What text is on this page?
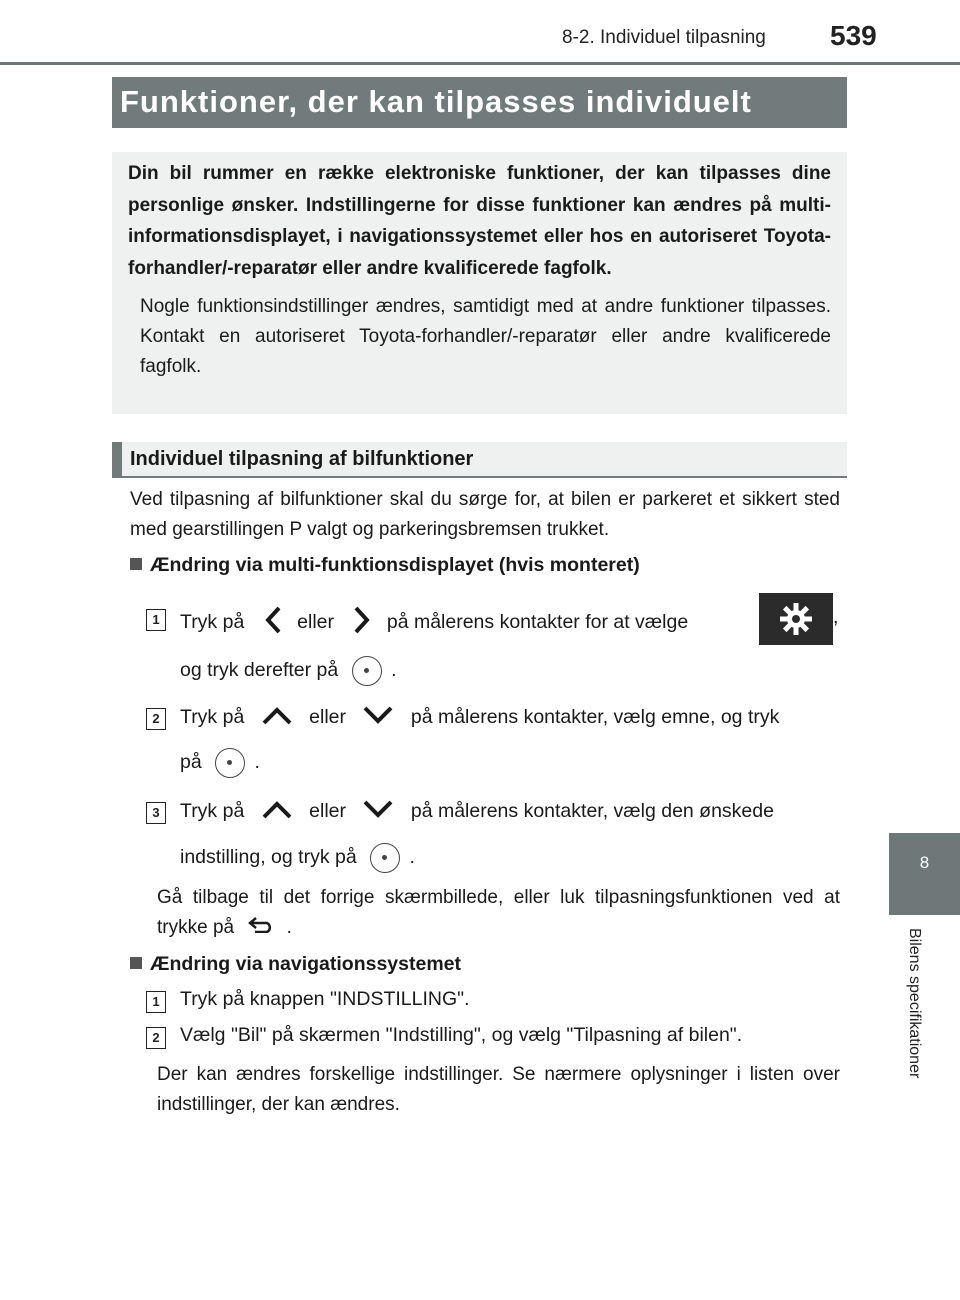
8-2. Individuel tilpasning 539
8
Bilens specifikationer
Funktioner, der kan tilpasses individuelt

Din bil rummer en række elektroniske funktioner, der kan tilpasses dine personlige ønsker. Indstillingerne for disse funktioner kan ændres på multi-informationsdisplayet, i navigationssystemet eller hos en autoriseret Toyota-forhandler/-reparatør eller andre kvalificerede fagfolk.

Nogle funktionsindstillinger ændres, samtidigt med at andre funktioner tilpasses. Kontakt en autoriseret Toyota-forhandler/-reparatør eller andre kvalificerede fagfolk.

Individuel tilpasning af bilfunktioner
Ved tilpasning af bilfunktioner skal du sørge for, at bilen er parkeret et sikkert sted med gearstillingen P valgt og parkeringsbremsen trukket.
Ændring via multi-funktionsdisplayet (hvis monteret)
1	Tryk på	eller	på målerens kontakter for at vælge	,
og tryk derefter på	.
2	Tryk på	eller	på målerens kontakter, vælg emne, og tryk
på	.
3	Tryk på	eller	på målerens kontakter, vælg den ønskede
indstilling, og tryk på	.
Gå tilbage til det forrige skærmbillede, eller luk tilpasningsfunktionen ved at trykke på	.
Ændring via navigationssystemet
1	Tryk på knappen "INDSTILLING".
2	Vælg "Bil" på skærmen "Indstilling", og vælg "Tilpasning af bilen".
Der kan ændres forskellige indstillinger. Se nærmere oplysninger i listen over indstillinger, der kan ændres.
